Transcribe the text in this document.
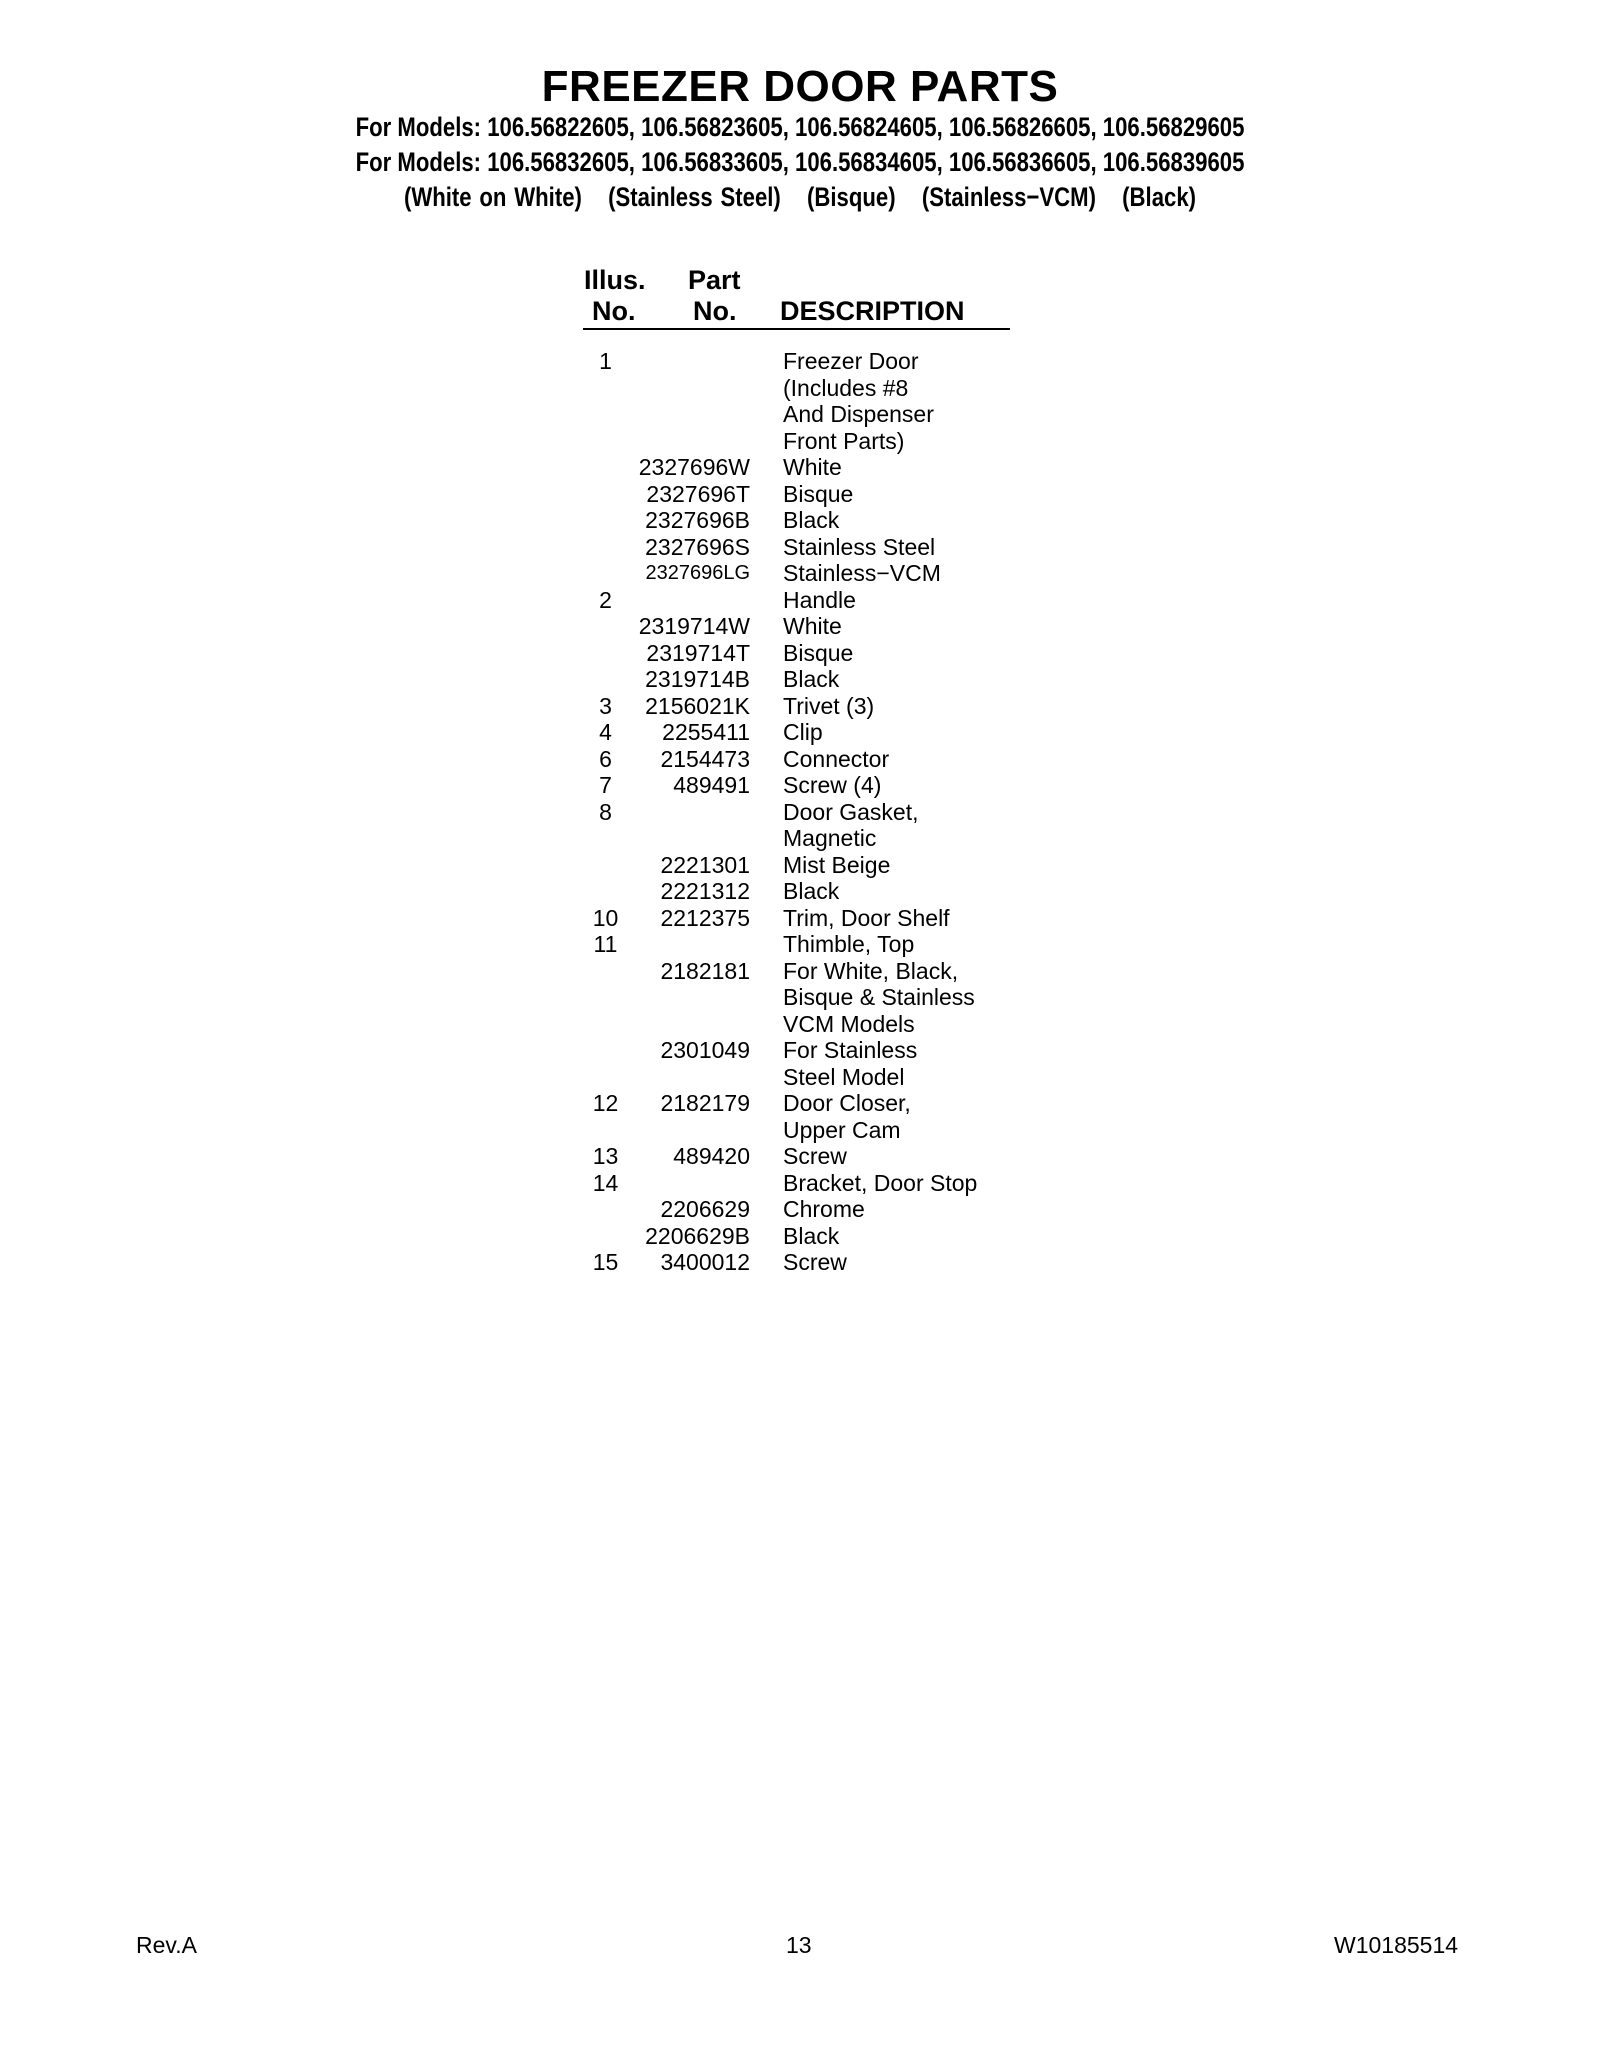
FREEZER DOOR PARTS
For Models: 106.56822605, 106.56823605, 106.56824605, 106.56826605, 106.56829605
For Models: 106.56832605, 106.56833605, 106.56834605, 106.56836605, 106.56839605
(White on White) (Stainless Steel) (Bisque) (Stainless−VCM) (Black)
Illus.
No.
Part
No. DESCRIPTION
1	Freezer Door
(Includes #8
And Dispenser
Front Parts)
2327696W White
2327696T Bisque
2327696B Black
2327696S Stainless Steel
2327696LG Stainless−VCM
2	Handle
2319714W White
2319714T Bisque
2319714B Black
3	2156021K Trivet (3)
4	2255411 Clip
6	2154473 Connector
7	489491 Screw (4)
8	Door Gasket,
Magnetic
2221301 Mist Beige
2221312 Black
10	2212375 Trim, Door Shelf
11	Thimble, Top
2182181 For White, Black,
Bisque & Stainless
VCM Models
2301049 For Stainless
Steel Model
12	2182179 Door Closer,
Upper Cam
13	489420 Screw
14	Bracket, Door Stop
2206629 Chrome
2206629B Black
15	3400012 Screw
Rev.A	13	W10185514
